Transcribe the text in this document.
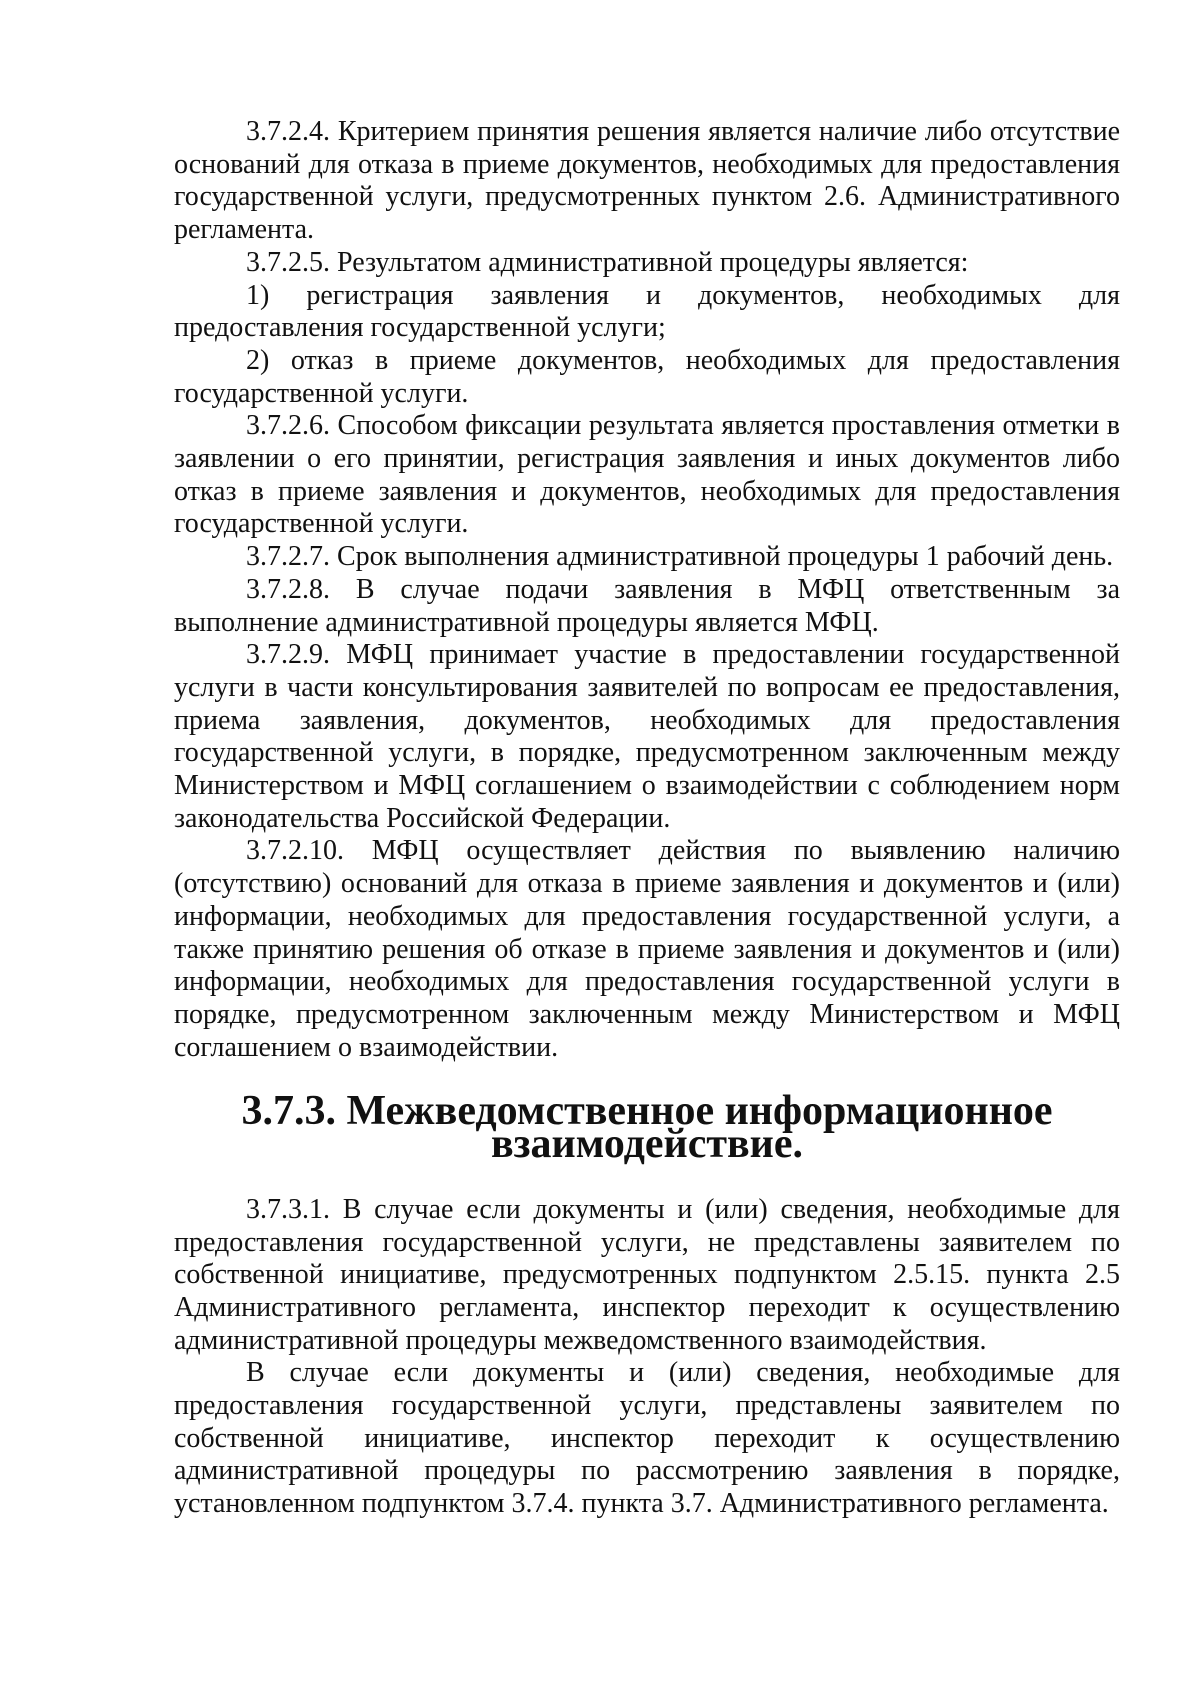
3.7.2.4. Критерием принятия решения является наличие либо отсутствие оснований для отказа в приеме документов, необходимых для предоставления государственной услуги, предусмотренных пунктом 2.6. Административного регламента.

3.7.2.5. Результатом административной процедуры является:

1) регистрация заявления и документов, необходимых для предоставления государственной услуги;

2) отказ в приеме документов, необходимых для предоставления государственной услуги.

3.7.2.6. Способом фиксации результата является проставления отметки в заявлении о его принятии, регистрация заявления и иных документов либо отказ в приеме заявления и документов, необходимых для предоставления государственной услуги.

3.7.2.7. Срок выполнения административной процедуры 1 рабочий день.

3.7.2.8. В случае подачи заявления в МФЦ ответственным за выполнение административной процедуры является МФЦ.

3.7.2.9. МФЦ принимает участие в предоставлении государственной услуги в части консультирования заявителей по вопросам ее предоставления, приема заявления, документов, необходимых для предоставления государственной услуги, в порядке, предусмотренном заключенным между Министерством и МФЦ соглашением о взаимодействии с соблюдением норм законодательства Российской Федерации.

3.7.2.10. МФЦ осуществляет действия по выявлению наличию (отсутствию) оснований для отказа в приеме заявления и документов и (или) информации, необходимых для предоставления государственной услуги, а также принятию решения об отказе в приеме заявления и документов и (или) информации, необходимых для предоставления государственной услуги в порядке, предусмотренном заключенным между Министерством и МФЦ соглашением о взаимодействии.

3.7.3. Межведомственное информационное взаимодействие.

3.7.3.1. В случае если документы и (или) сведения, необходимые для предоставления государственной услуги, не представлены заявителем по собственной инициативе, предусмотренных подпунктом 2.5.15. пункта 2.5 Административного регламента, инспектор переходит к осуществлению административной процедуры межведомственного взаимодействия.

В случае если документы и (или) сведения, необходимые для предоставления государственной услуги, представлены заявителем по собственной инициативе, инспектор переходит к осуществлению административной процедуры по рассмотрению заявления в порядке, установленном подпунктом 3.7.4. пункта 3.7. Административного регламента.
